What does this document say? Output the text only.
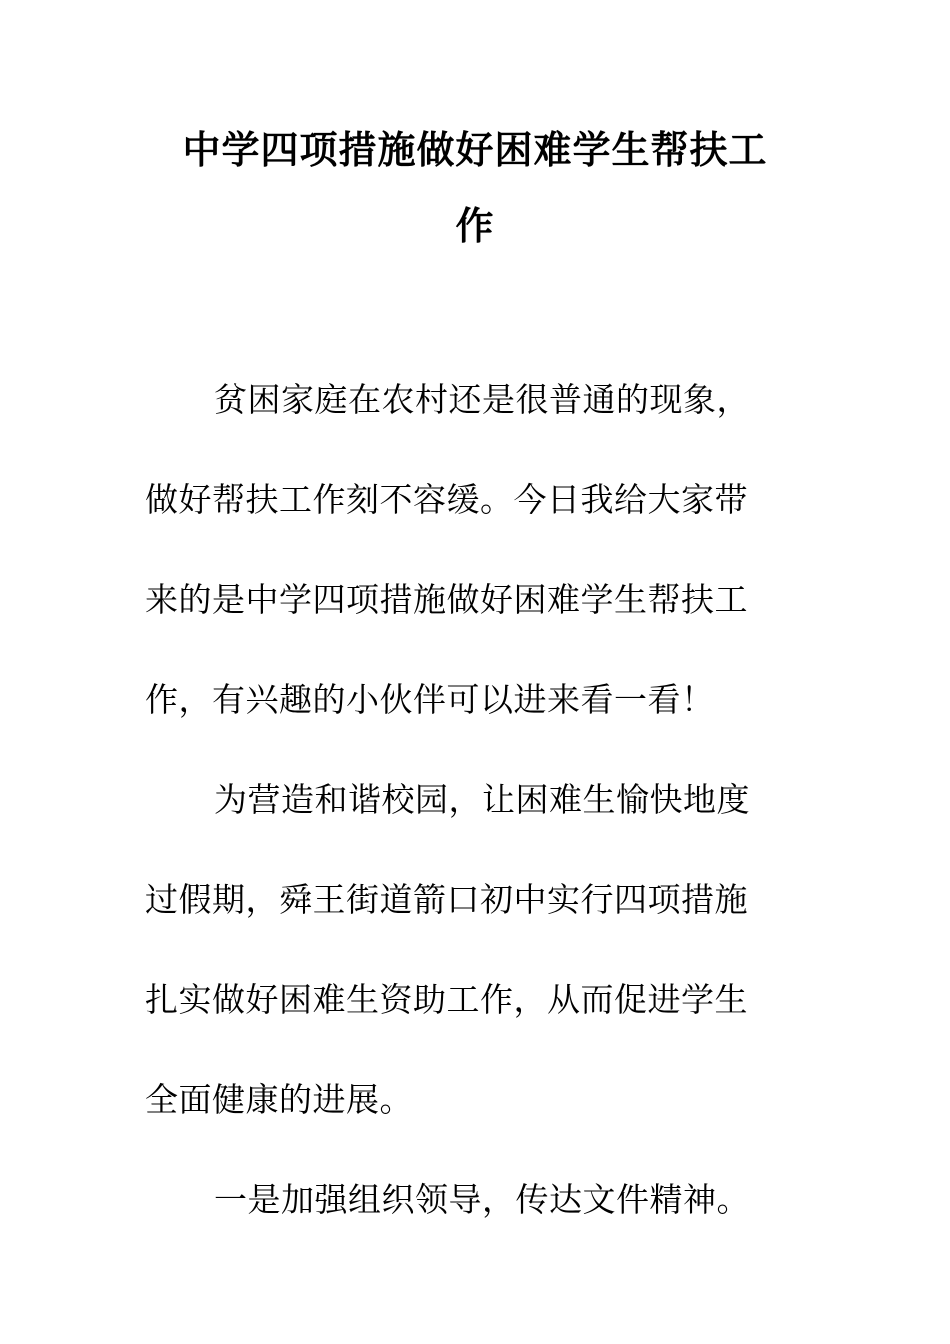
中学四项措施做好困难学生帮扶工
作

贫困家庭在农村还是很普通的现象，

做好帮扶工作刻不容缓。今日我给大家带

来的是中学四项措施做好困难学生帮扶工

作，有兴趣的小伙伴可以进来看一看！

为营造和谐校园，让困难生愉快地度

过假期，舜王街道箭口初中实行四项措施

扎实做好困难生资助工作，从而促进学生

全面健康的进展。

一是加强组织领导，传达文件精神。
